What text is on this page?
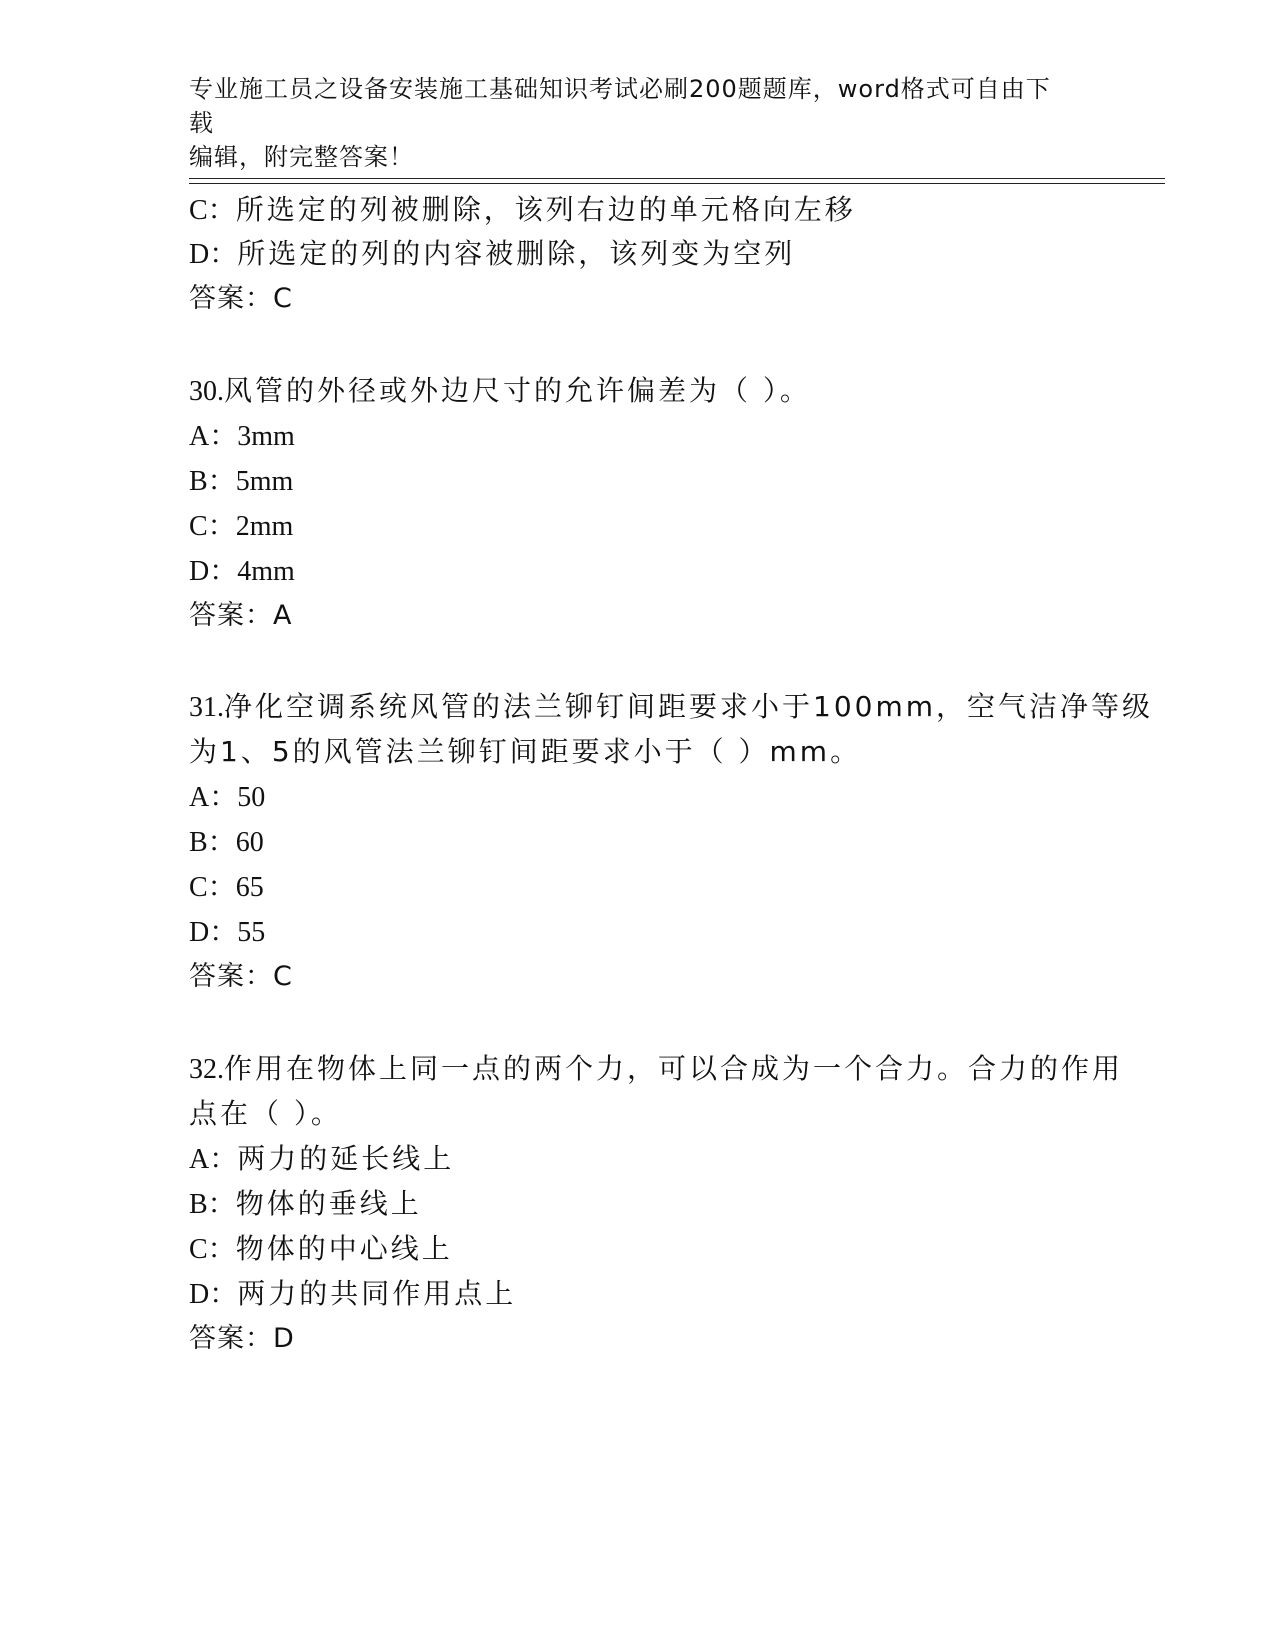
专业施工员之设备安装施工基础知识考试必刷200题题库，word格式可自由下载
编辑，附完整答案！
C：所选定的列被删除，该列右边的单元格向左移
D：所选定的列的内容被删除，该列变为空列
答案：C
30.风管的外径或外边尺寸的允许偏差为（ ）。
A：3mm
B：5mm
C：2mm
D：4mm
答案：A
31.净化空调系统风管的法兰铆钉间距要求小于100mm，空气洁净等级
为1、5的风管法兰铆钉间距要求小于（ ）mm。
A：50
B：60
C：65
D：55
答案：C
32.作用在物体上同一点的两个力，可以合成为一个合力。合力的作用
点在（ ）。
A：两力的延长线上
B：物体的垂线上
C：物体的中心线上
D：两力的共同作用点上
答案：D
